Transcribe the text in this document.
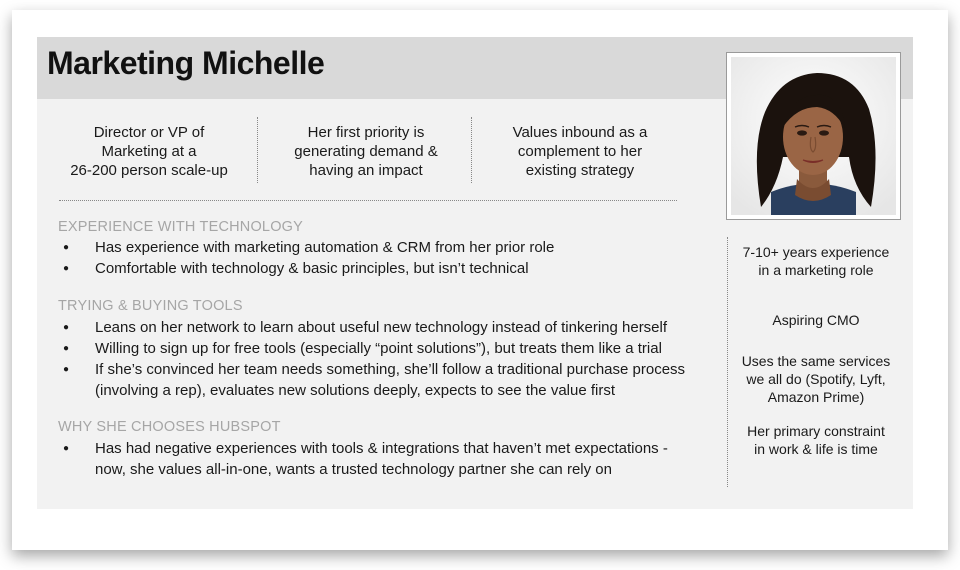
Marketing Michelle
Director or VP of
Marketing at a
26-200 person scale-up
Her first priority is
generating demand &
having an impact
Values inbound as a
complement to her
existing strategy
EXPERIENCE WITH TECHNOLOGY
● Has experience with marketing automation & CRM from her prior role
● Comfortable with technology & basic principles, but isn’t technical
TRYING & BUYING TOOLS
● Leans on her network to learn about useful new technology instead of tinkering herself
● Willing to sign up for free tools (especially “point solutions”), but treats them like a trial
● If she’s convinced her team needs something, she’ll follow a traditional purchase process
(involving a rep), evaluates new solutions deeply, expects to see the value first
WHY SHE CHOOSES HUBSPOT
● Has had negative experiences with tools & integrations that haven’t met expectations -
now, she values all-in-one, wants a trusted technology partner she can rely on
7-10+ years experience
in a marketing role
Aspiring CMO
Uses the same services
we all do (Spotify, Lyft,
Amazon Prime)
Her primary constraint
in work & life is time
